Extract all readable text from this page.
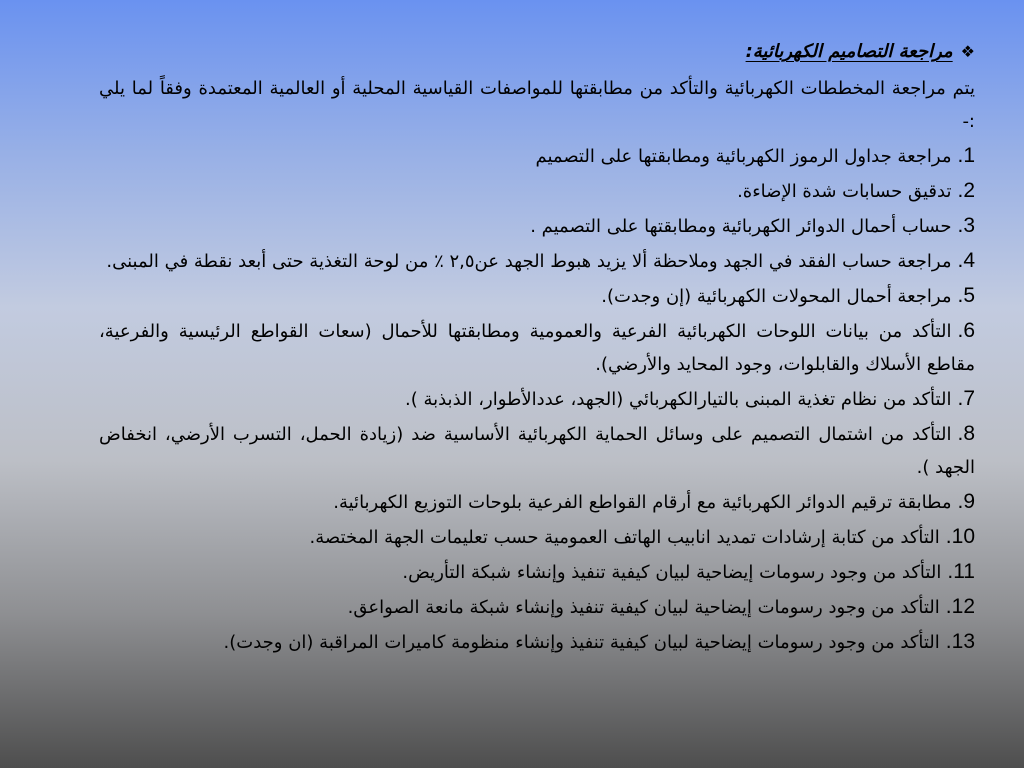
❖مراجعة التصاميم الكهربائية:

يتم مراجعة المخططات الكهربائية والتأكد من مطابقتها للمواصفات القياسية المحلية أو العالمية المعتمدة وفقاً لما يلي :-

1.مراجعة جداول الرموز الكهربائية ومطابقتها على التصميم

2.تدقيق حسابات شدة الإضاءة.

3.حساب أحمال الدوائر الكهربائية ومطابقتها على التصميم .

4.مراجعة حساب الفقد في الجهد وملاحظة ألا يزيد هبوط الجهد عن٢,٥ ٪ من لوحة التغذية حتى أبعد نقطة في المبنى.

5.مراجعة أحمال المحولات الكهربائية (إن وجدت).

6.التأكد من بيانات اللوحات الكهربائية الفرعية والعمومية ومطابقتها للأحمال (سعات القواطع الرئيسية والفرعية، مقاطع الأسلاك والقابلوات، وجود المحايد والأرضي).

7.التأكد من نظام تغذية المبنى بالتيارالكهربائي (الجهد، عددالأطوار، الذبذبة ).

8.التأكد من اشتمال التصميم على وسائل الحماية الكهربائية الأساسية ضد (زيادة الحمل، التسرب الأرضي، انخفاض الجهد ).

9.مطابقة ترقيم الدوائر الكهربائية مع أرقام القواطع الفرعية بلوحات التوزيع الكهربائية.

10.التأكد من كتابة إرشادات تمديد انابيب الهاتف العمومية حسب تعليمات الجهة المختصة.

11.التأكد من وجود رسومات إيضاحية لبيان كيفية تنفيذ وإنشاء شبكة التأريض.

12.التأكد من وجود رسومات إيضاحية لبيان كيفية تنفيذ وإنشاء شبكة مانعة الصواعق.

13.التأكد من وجود رسومات إيضاحية لبيان كيفية تنفيذ وإنشاء منظومة كاميرات المراقبة (ان وجدت).
